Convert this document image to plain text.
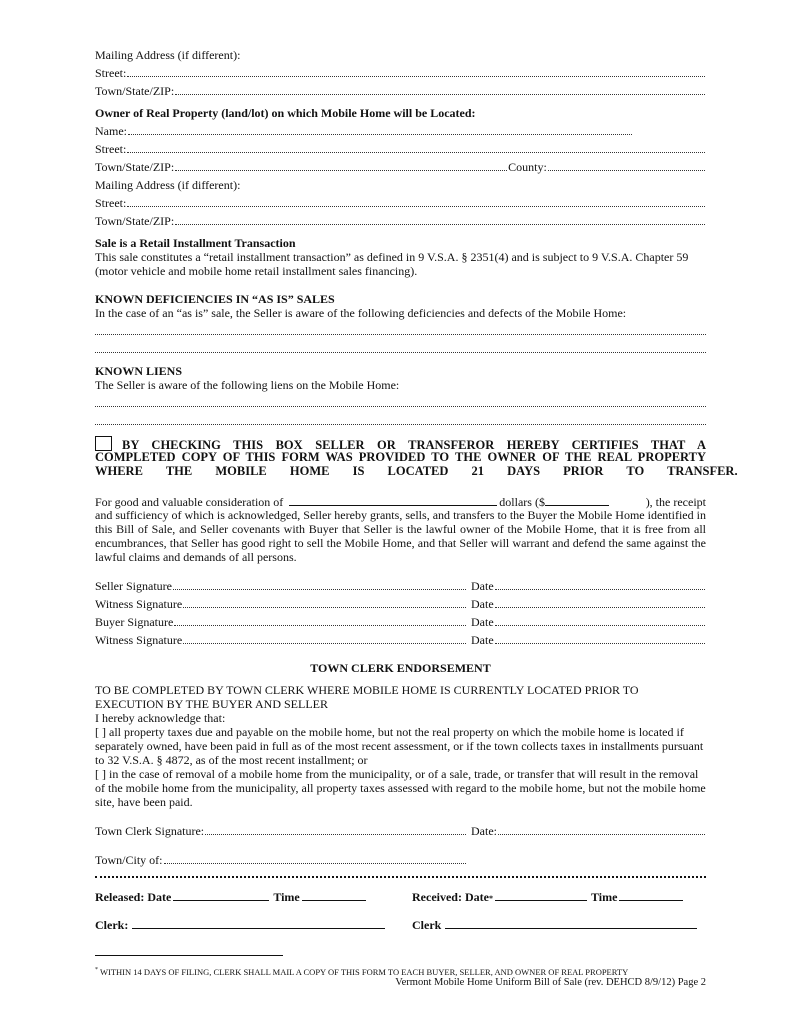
Mailing Address (if different):
Street:
Town/State/ZIP:
Owner of Real Property (land/lot) on which Mobile Home will be Located:
Name:
Street:
Town/State/ZIP:	County:
Mailing Address (if different):
Street:
Town/State/ZIP:
Sale is a Retail Installment Transaction
This sale constitutes a “retail installment transaction” as defined in 9 V.S.A. § 2351(4) and is subject to 9 V.S.A. Chapter 59 (motor vehicle and mobile home retail installment sales financing).
KNOWN DEFICIENCIES IN “AS IS” SALES
In the case of an “as is” sale, the Seller is aware of the following deficiencies and defects of the Mobile Home:
KNOWN LIENS
The Seller is aware of the following liens on the Mobile Home:
BY CHECKING THIS BOX SELLER OR TRANSFEROR HEREBY CERTIFIES THAT A
COMPLETED COPY OF THIS FORM WAS PROVIDED TO THE OWNER OF THE REAL PROPERTY
WHERE THE MOBILE HOME IS LOCATED 21 DAYS PRIOR TO TRANSFER.
For good and valuable consideration of	dollars ($	), the receipt
and sufficiency of which is acknowledged, Seller hereby grants, sells, and transfers to the Buyer the Mobile Home identified in this Bill of Sale, and Seller covenants with Buyer that Seller is the lawful owner of the Mobile Home, that it is free from all encumbrances, that Seller has good right to sell the Mobile Home, and that Seller will warrant and defend the same against the lawful claims and demands of all persons.
Seller Signature	Date
Witness Signature	Date
Buyer Signature	Date
Witness Signature	Date
TOWN CLERK ENDORSEMENT
TO BE COMPLETED BY TOWN CLERK WHERE MOBILE HOME IS CURRENTLY LOCATED PRIOR TO EXECUTION BY THE BUYER AND SELLER
I hereby acknowledge that:
[ ] all property taxes due and payable on the mobile home, but not the real property on which the mobile home is located if separately owned, have been paid in full as of the most recent assessment, or if the town collects taxes in installments pursuant to 32 V.S.A. § 4872, as of the most recent installment; or
[ ] in the case of removal of a mobile home from the municipality, or of a sale, trade, or transfer that will result in the removal of the mobile home from the municipality, all property taxes assessed with regard to the mobile home, but not the mobile home site, have been paid.
Town Clerk Signature:	Date:
Town/City of:
Released: Date	Time	Received: Date *	Time
Clerk:	Clerk
* WITHIN 14 DAYS OF FILING, CLERK SHALL MAIL A COPY OF THIS FORM TO EACH BUYER, SELLER, AND OWNER OF REAL PROPERTY
Vermont Mobile Home Uniform Bill of Sale (rev. DEHCD 8/9/12) Page 2
